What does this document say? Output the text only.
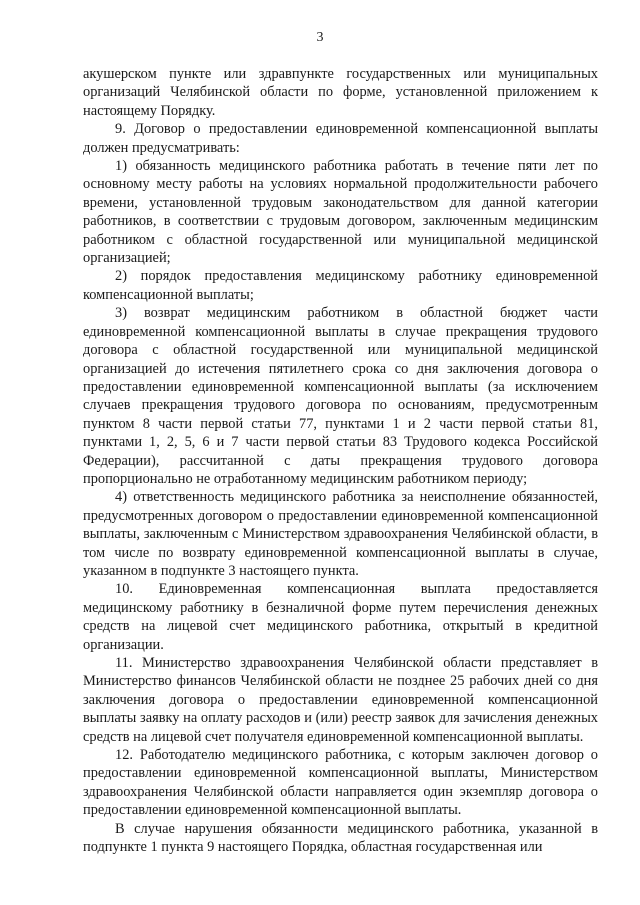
3

акушерском пункте или здравпункте государственных или муниципальных организаций Челябинской области по форме, установленной приложением к настоящему Порядку.

9. Договор о предоставлении единовременной компенсационной выплаты должен предусматривать:

1) обязанность медицинского работника работать в течение пяти лет по основному месту работы на условиях нормальной продолжительности рабочего времени, установленной трудовым законодательством для данной категории работников, в соответствии с трудовым договором, заключенным медицинским работником с областной государственной или муниципальной медицинской организацией;

2) порядок предоставления медицинскому работнику единовременной компенсационной выплаты;

3) возврат медицинским работником в областной бюджет части единовременной компенсационной выплаты в случае прекращения трудового договора с областной государственной или муниципальной медицинской организацией до истечения пятилетнего срока со дня заключения договора о предоставлении единовременной компенсационной выплаты (за исключением случаев прекращения трудового договора по основаниям, предусмотренным пунктом 8 части первой статьи 77, пунктами 1 и 2 части первой статьи 81, пунктами 1, 2, 5, 6 и 7 части первой статьи 83 Трудового кодекса Российской Федерации), рассчитанной с даты прекращения трудового договора пропорционально не отработанному медицинским работником периоду;

4) ответственность медицинского работника за неисполнение обязанностей, предусмотренных договором о предоставлении единовременной компенсационной выплаты, заключенным с Министерством здравоохранения Челябинской области, в том числе по возврату единовременной компенсационной выплаты в случае, указанном в подпункте 3 настоящего пункта.

10. Единовременная компенсационная выплата предоставляется медицинскому работнику в безналичной форме путем перечисления денежных средств на лицевой счет медицинского работника, открытый в кредитной организации.

11. Министерство здравоохранения Челябинской области представляет в Министерство финансов Челябинской области не позднее 25 рабочих дней со дня заключения договора о предоставлении единовременной компенсационной выплаты заявку на оплату расходов и (или) реестр заявок для зачисления денежных средств на лицевой счет получателя единовременной компенсационной выплаты.

12. Работодателю медицинского работника, с которым заключен договор о предоставлении единовременной компенсационной выплаты, Министерством здравоохранения Челябинской области направляется один экземпляр договора о предоставлении единовременной компенсационной выплаты.

В случае нарушения обязанности медицинского работника, указанной в подпункте 1 пункта 9 настоящего Порядка, областная государственная или
